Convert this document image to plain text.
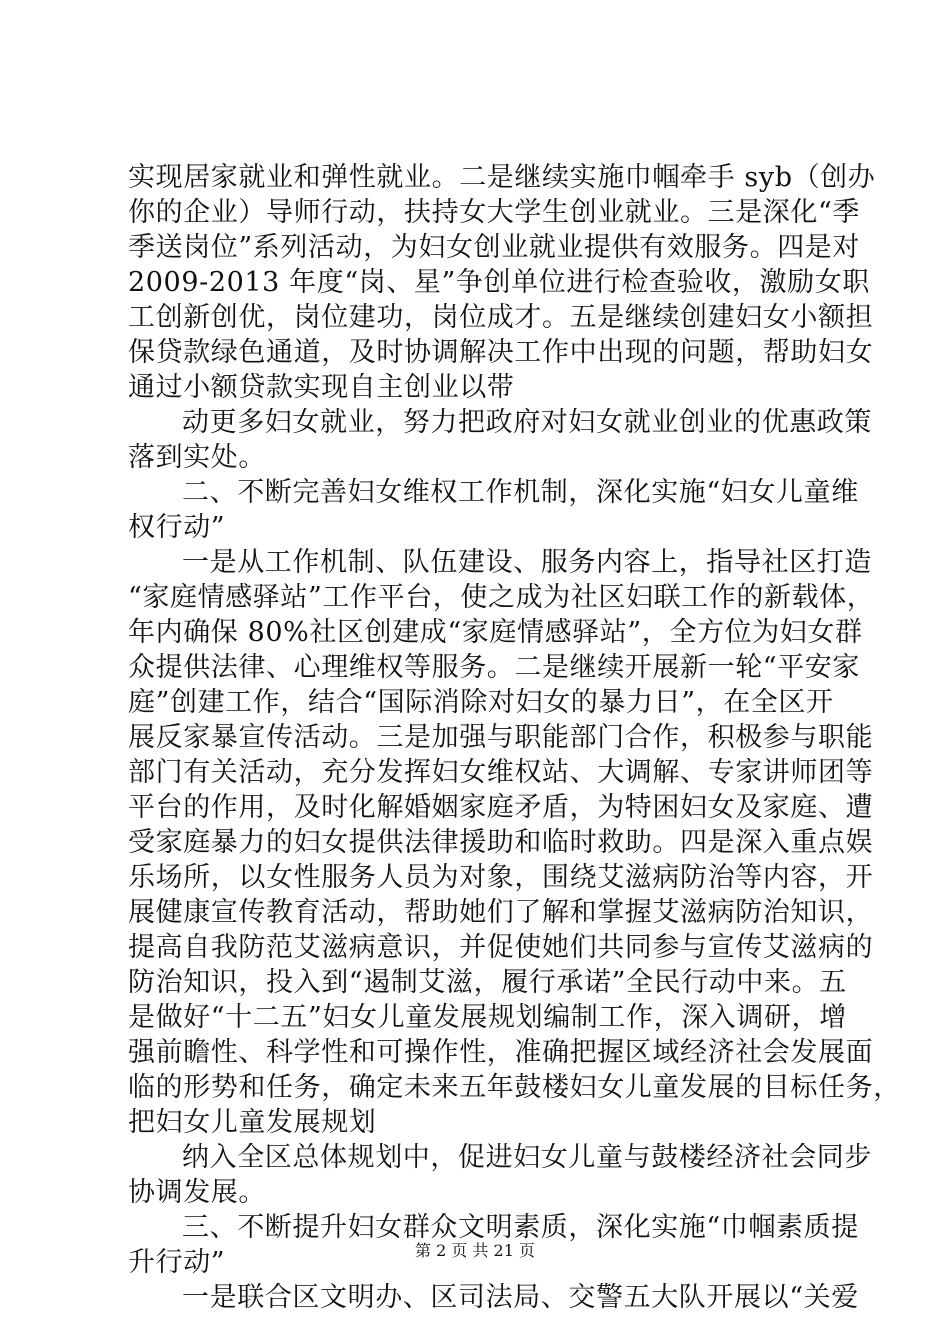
实现居家就业和弹性就业。二是继续实施巾帼牵手 syb（创办
你的企业）导师行动，扶持女大学生创业就业。三是深化“季
季送岗位”系列活动，为妇女创业就业提供有效服务。四是对
2009-2013 年度“岗、星”争创单位进行检查验收，激励女职
工创新创优，岗位建功，岗位成才。五是继续创建妇女小额担
保贷款绿色通道，及时协调解决工作中出现的问题，帮助妇女
通过小额贷款实现自主创业以带
动更多妇女就业，努力把政府对妇女就业创业的优惠政策
落到实处。
二、不断完善妇女维权工作机制，深化实施“妇女儿童维
权行动”
一是从工作机制、队伍建设、服务内容上，指导社区打造
“家庭情感驿站”工作平台，使之成为社区妇联工作的新载体，
年内确保 80%社区创建成“家庭情感驿站”，全方位为妇女群
众提供法律、心理维权等服务。二是继续开展新一轮“平安家
庭”创建工作，结合“国际消除对妇女的暴力日”，在全区开
展反家暴宣传活动。三是加强与职能部门合作，积极参与职能
部门有关活动，充分发挥妇女维权站、大调解、专家讲师团等
平台的作用，及时化解婚姻家庭矛盾，为特困妇女及家庭、遭
受家庭暴力的妇女提供法律援助和临时救助。四是深入重点娱
乐场所，以女性服务人员为对象，围绕艾滋病防治等内容，开
展健康宣传教育活动，帮助她们了解和掌握艾滋病防治知识，
提高自我防范艾滋病意识，并促使她们共同参与宣传艾滋病的
防治知识，投入到“遏制艾滋，履行承诺”全民行动中来。五
是做好“十二五”妇女儿童发展规划编制工作，深入调研，增
强前瞻性、科学性和可操作性，准确把握区域经济社会发展面
临的形势和任务，确定未来五年鼓楼妇女儿童发展的目标任务，
把妇女儿童发展规划
纳入全区总体规划中，促进妇女儿童与鼓楼经济社会同步
协调发展。
三、不断提升妇女群众文明素质，深化实施“巾帼素质提
升行动”
一是联合区文明办、区司法局、交警五大队开展以“关爱
第 2 页 共 21 页
